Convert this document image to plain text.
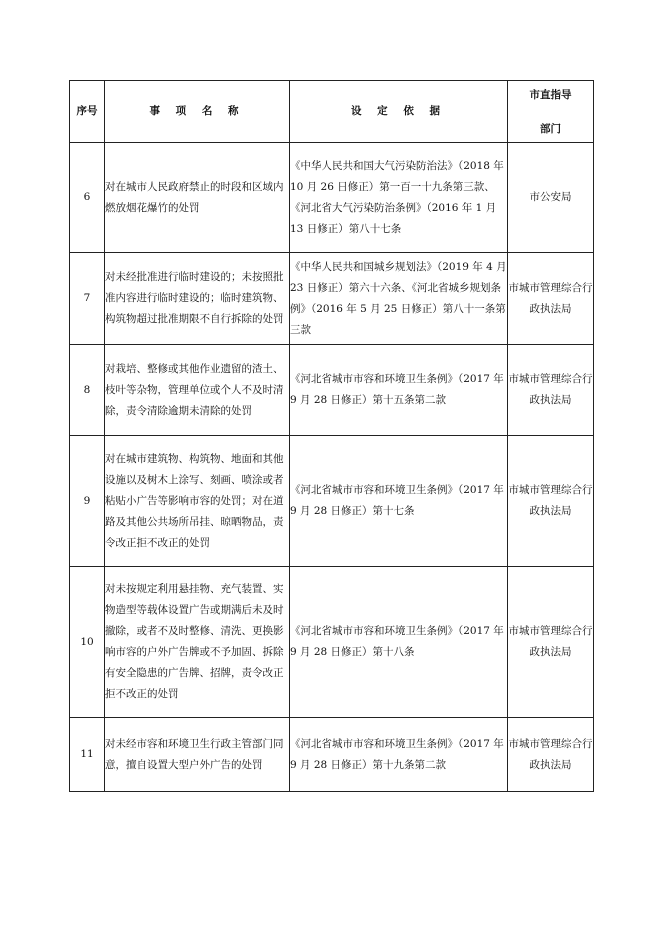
序号	事 项 名 称	设 定 依 据	市直指导
部门

6	对在城市人民政府禁止的时段和区域内燃放烟花爆竹的处罚	《中华人民共和国大气污染防治法》（2018 年 10 月 26 日修正）第一百一十九条第三款、《河北省大气污染防治条例》（2016 年 1 月 13 日修正）第八十七条	市公安局
7	对未经批准进行临时建设的；未按照批准内容进行临时建设的；临时建筑物、构筑物超过批准期限不自行拆除的处罚	《中华人民共和国城乡规划法》（2019 年 4 月 23 日修正）第六十六条、《河北省城乡规划条例》（2016 年 5 月 25 日修正）第八十一条第三款	市城市管理综合行政执法局
8	对栽培、整修或其他作业遗留的渣土、枝叶等杂物，管理单位或个人不及时清除，责令清除逾期未清除的处罚	《河北省城市市容和环境卫生条例》（2017 年 9 月 28 日修正）第十五条第二款	市城市管理综合行政执法局
9	对在城市建筑物、构筑物、地面和其他设施以及树木上涂写、刻画、喷涂或者粘贴小广告等影响市容的处罚；对在道路及其他公共场所吊挂、晾晒物品，责令改正拒不改正的处罚	《河北省城市市容和环境卫生条例》（2017 年 9 月 28 日修正）第十七条	市城市管理综合行政执法局
10	对未按规定利用悬挂物、充气装置、实物造型等载体设置广告或期满后未及时撤除，或者不及时整修、清洗、更换影响市容的户外广告牌或不予加固、拆除有安全隐患的广告牌、招牌，责令改正拒不改正的处罚	《河北省城市市容和环境卫生条例》（2017 年 9 月 28 日修正）第十八条	市城市管理综合行政执法局
11	对未经市容和环境卫生行政主管部门同意，擅自设置大型户外广告的处罚	《河北省城市市容和环境卫生条例》（2017 年 9 月 28 日修正）第十九条第二款	市城市管理综合行政执法局
